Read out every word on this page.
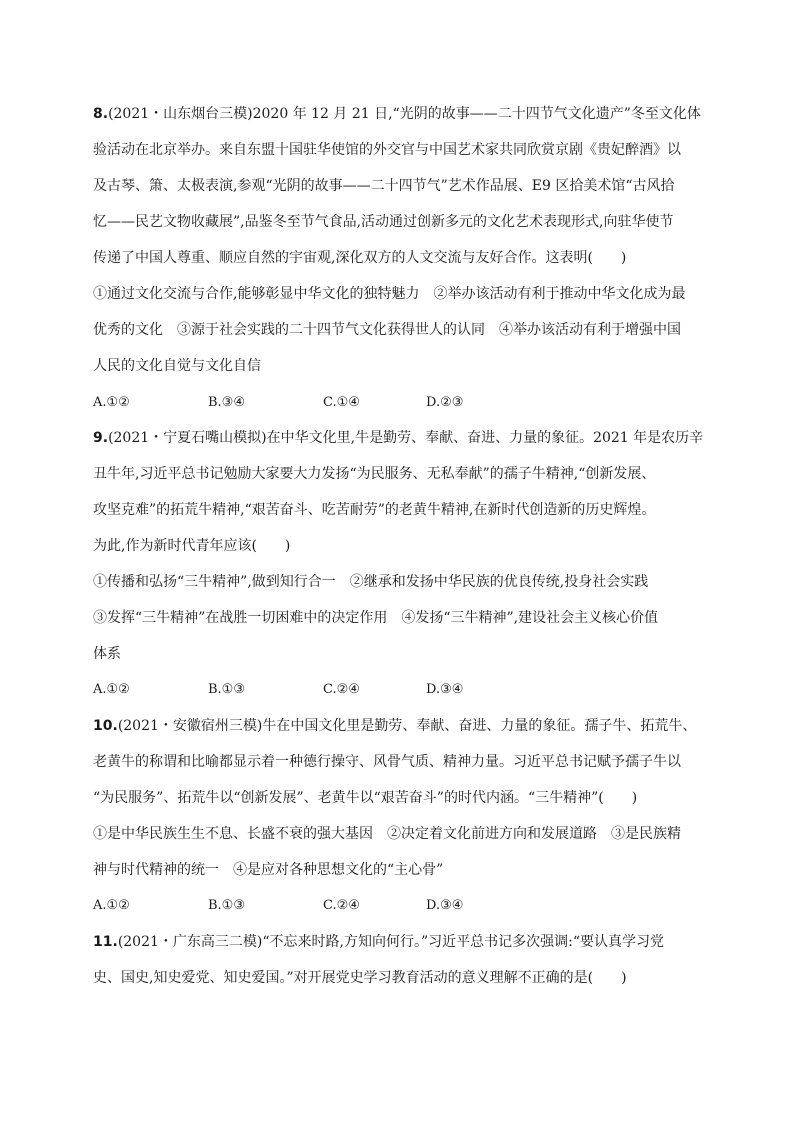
8.(2021・山东烟台三模)2020 年 12 月 21 日,“光阴的故事——二十四节气文化遗产”冬至文化体
验活动在北京举办。来自东盟十国驻华使馆的外交官与中国艺术家共同欣赏京剧《贵妃醉酒》以
及古琴、箫、太极表演,参观“光阴的故事——二十四节气”艺术作品展、E9 区拾美术馆“古风拾
忆——民艺文物收藏展”,品鉴冬至节气食品,活动通过创新多元的文化艺术表现形式,向驻华使节
传递了中国人尊重、顺应自然的宇宙观,深化双方的人文交流与友好合作。这表明(　　)
①通过文化交流与合作,能够彰显中华文化的独特魅力　②举办该活动有利于推动中华文化成为最
优秀的文化　③源于社会实践的二十四节气文化获得世人的认同　④举办该活动有利于增强中国
人民的文化自觉与文化自信
A.①②	B.③④	C.①④	D.②③
9.(2021・宁夏石嘴山模拟)在中华文化里,牛是勤劳、奉献、奋进、力量的象征。2021 年是农历辛
丑牛年,习近平总书记勉励大家要大力发扬“为民服务、无私奉献”的孺子牛精神,“创新发展、
攻坚克难”的拓荒牛精神,“艰苦奋斗、吃苦耐劳”的老黄牛精神,在新时代创造新的历史辉煌。
为此,作为新时代青年应该(　　)
①传播和弘扬“三牛精神”,做到知行合一　②继承和发扬中华民族的优良传统,投身社会实践
③发挥“三牛精神”在战胜一切困难中的决定作用　④发扬“三牛精神”,建设社会主义核心价值
体系
A.①②	B.①③	C.②④	D.③④
10.(2021・安徽宿州三模)牛在中国文化里是勤劳、奉献、奋进、力量的象征。孺子牛、拓荒牛、
老黄牛的称谓和比喻都显示着一种德行操守、风骨气质、精神力量。习近平总书记赋予孺子牛以
“为民服务”、拓荒牛以“创新发展”、老黄牛以“艰苦奋斗”的时代内涵。“三牛精神”(　　)
①是中华民族生生不息、长盛不衰的强大基因　②决定着文化前进方向和发展道路　③是民族精
神与时代精神的统一　④是应对各种思想文化的“主心骨”
A.①②	B.①③	C.②④	D.③④
11.(2021・广东高三二模)“不忘来时路,方知向何行。”习近平总书记多次强调:“要认真学习党
史、国史,知史爱党、知史爱国。”对开展党史学习教育活动的意义理解不正确的是(　　)
